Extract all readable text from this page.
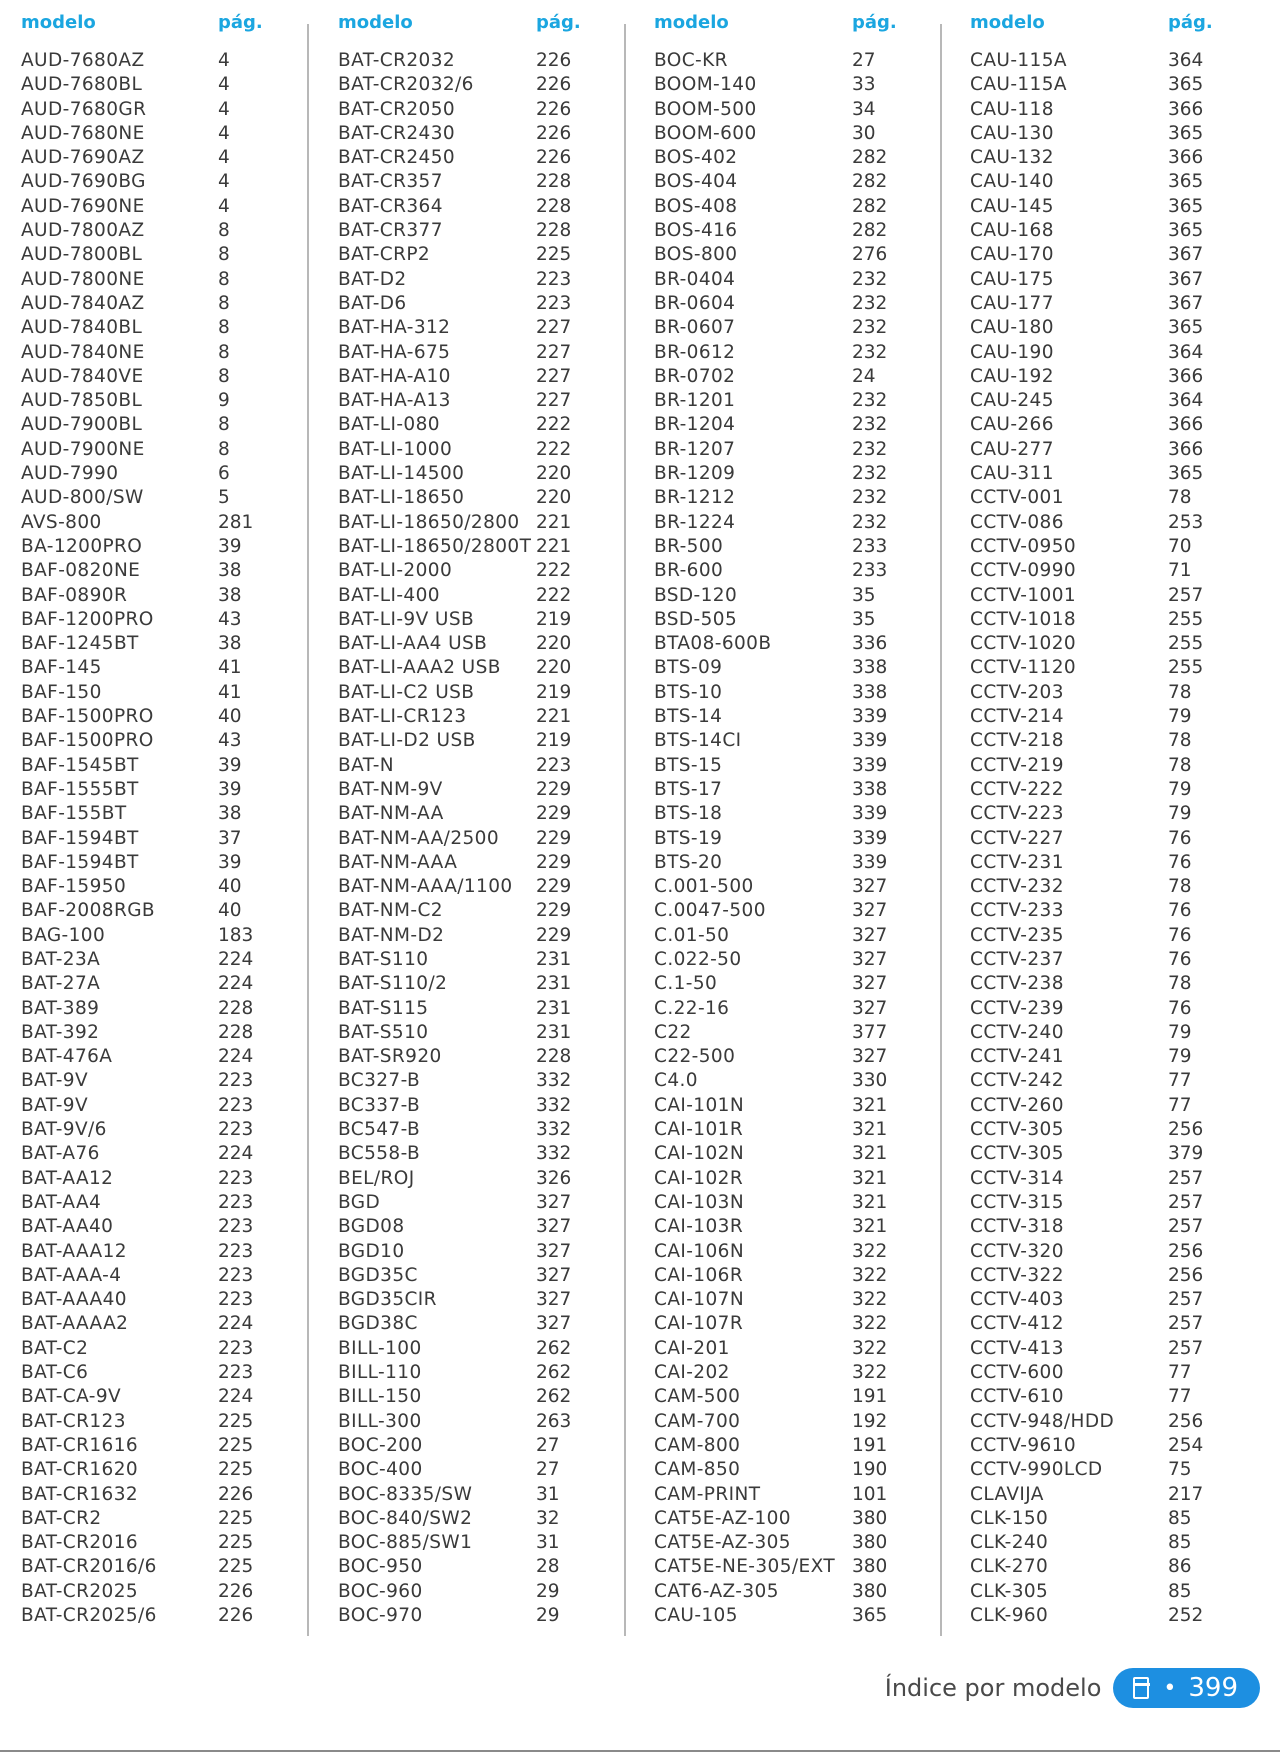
modelo	pág.
AUD-7680AZ	4
AUD-7680BL	4
AUD-7680GR	4
AUD-7680NE	4
AUD-7690AZ	4
AUD-7690BG	4
AUD-7690NE	4
AUD-7800AZ	8
AUD-7800BL	8
AUD-7800NE	8
AUD-7840AZ	8
AUD-7840BL	8
AUD-7840NE	8
AUD-7840VE	8
AUD-7850BL	9
AUD-7900BL	8
AUD-7900NE	8
AUD-7990	6
AUD-800/SW	5
AVS-800	281
BA-1200PRO	39
BAF-0820NE	38
BAF-0890R	38
BAF-1200PRO	43
BAF-1245BT	38
BAF-145	41
BAF-150	41
BAF-1500PRO	40
BAF-1500PRO	43
BAF-1545BT	39
BAF-1555BT	39
BAF-155BT	38
BAF-1594BT	37
BAF-1594BT	39
BAF-15950	40
BAF-2008RGB	40
BAG-100	183
BAT-23A	224
BAT-27A	224
BAT-389	228
BAT-392	228
BAT-476A	224
BAT-9V	223
BAT-9V	223
BAT-9V/6	223
BAT-A76	224
BAT-AA12	223
BAT-AA4	223
BAT-AA40	223
BAT-AAA12	223
BAT-AAA-4	223
BAT-AAA40	223
BAT-AAAA2	224
BAT-C2	223
BAT-C6	223
BAT-CA-9V	224
BAT-CR123	225
BAT-CR1616	225
BAT-CR1620	225
BAT-CR1632	226
BAT-CR2	225
BAT-CR2016	225
BAT-CR2016/6	225
BAT-CR2025	226
BAT-CR2025/6	226
modelo	pág.
BAT-CR2032	226
BAT-CR2032/6	226
BAT-CR2050	226
BAT-CR2430	226
BAT-CR2450	226
BAT-CR357	228
BAT-CR364	228
BAT-CR377	228
BAT-CRP2	225
BAT-D2	223
BAT-D6	223
BAT-HA-312	227
BAT-HA-675	227
BAT-HA-A10	227
BAT-HA-A13	227
BAT-LI-080	222
BAT-LI-1000	222
BAT-LI-14500	220
BAT-LI-18650	220
BAT-LI-18650/2800 221
BAT-LI-18650/2800T 221
BAT-LI-2000	222
BAT-LI-400	222
BAT-LI-9V USB	219
BAT-LI-AA4 USB	220
BAT-LI-AAA2 USB 220
BAT-LI-C2 USB	219
BAT-LI-CR123	221
BAT-LI-D2 USB	219
BAT-N	223
BAT-NM-9V	229
BAT-NM-AA	229
BAT-NM-AA/2500 229
BAT-NM-AAA	229
BAT-NM-AAA/1100 229
BAT-NM-C2	229
BAT-NM-D2	229
BAT-S110	231
BAT-S110/2	231
BAT-S115	231
BAT-S510	231
BAT-SR920	228
BC327-B	332
BC337-B	332
BC547-B	332
BC558-B	332
BEL/ROJ	326
BGD	327
BGD08	327
BGD10	327
BGD35C	327
BGD35CIR	327
BGD38C	327
BILL-100	262
BILL-110	262
BILL-150	262
BILL-300	263
BOC-200	27
BOC-400	27
BOC-8335/SW	31
BOC-840/SW2	32
BOC-885/SW1	31
BOC-950	28
BOC-960	29
BOC-970	29
modelo	pág.
BOC-KR	27
BOOM-140	33
BOOM-500	34
BOOM-600	30
BOS-402	282
BOS-404	282
BOS-408	282
BOS-416	282
BOS-800	276
BR-0404	232
BR-0604	232
BR-0607	232
BR-0612	232
BR-0702	24
BR-1201	232
BR-1204	232
BR-1207	232
BR-1209	232
BR-1212	232
BR-1224	232
BR-500	233
BR-600	233
BSD-120	35
BSD-505	35
BTA08-600B	336
BTS-09	338
BTS-10	338
BTS-14	339
BTS-14CI	339
BTS-15	339
BTS-17	338
BTS-18	339
BTS-19	339
BTS-20	339
C.001-500	327
C.0047-500	327
C.01-50	327
C.022-50	327
C.1-50	327
C.22-16	327
C22	377
C22-500	327
C4.0	330
CAI-101N	321
CAI-101R	321
CAI-102N	321
CAI-102R	321
CAI-103N	321
CAI-103R	321
CAI-106N	322
CAI-106R	322
CAI-107N	322
CAI-107R	322
CAI-201	322
CAI-202	322
CAM-500	191
CAM-700	192
CAM-800	191
CAM-850	190
CAM-PRINT	101
CAT5E-AZ-100	380
CAT5E-AZ-305	380
CAT5E-NE-305/EXT 380
CAT6-AZ-305	380
CAU-105	365
modelo	pág.
CAU-115A	364
CAU-115A	365
CAU-118	366
CAU-130	365
CAU-132	366
CAU-140	365
CAU-145	365
CAU-168	365
CAU-170	367
CAU-175	367
CAU-177	367
CAU-180	365
CAU-190	364
CAU-192	366
CAU-245	364
CAU-266	366
CAU-277	366
CAU-311	365
CCTV-001	78
CCTV-086	253
CCTV-0950	70
CCTV-0990	71
CCTV-1001	257
CCTV-1018	255
CCTV-1020	255
CCTV-1120	255
CCTV-203	78
CCTV-214	79
CCTV-218	78
CCTV-219	78
CCTV-222	79
CCTV-223	79
CCTV-227	76
CCTV-231	76
CCTV-232	78
CCTV-233	76
CCTV-235	76
CCTV-237	76
CCTV-238	78
CCTV-239	76
CCTV-240	79
CCTV-241	79
CCTV-242	77
CCTV-260	77
CCTV-305	256
CCTV-305	379
CCTV-314	257
CCTV-315	257
CCTV-318	257
CCTV-320	256
CCTV-322	256
CCTV-403	257
CCTV-412	257
CCTV-413	257
CCTV-600	77
CCTV-610	77
CCTV-948/HDD	256
CCTV-9610	254
CCTV-990LCD	75
CLAVIJA	217
CLK-150	85
CLK-240	85
CLK-270	86
CLK-305	85
CLK-960	252
Índice por modelo	• 399
